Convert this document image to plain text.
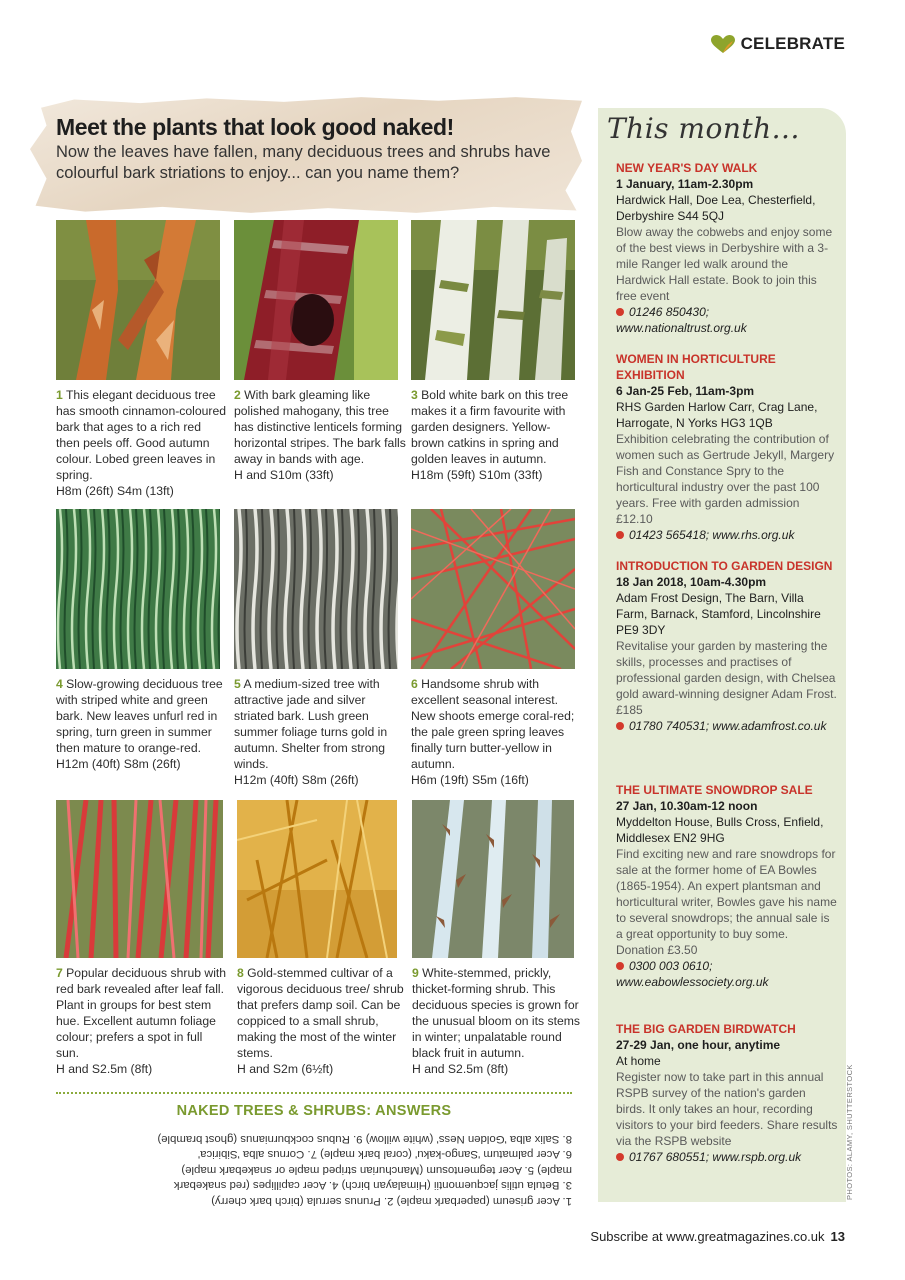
CELEBRATE
Meet the plants that look good naked!
Now the leaves have fallen, many deciduous trees and shrubs have colourful bark striations to enjoy... can you name them?
1 This elegant deciduous tree has smooth cinnamon-coloured bark that ages to a rich red then peels off. Good autumn colour. Lobed green leaves in spring.
H8m (26ft) S4m (13ft)
2 With bark gleaming like polished mahogany, this tree has distinctive lenticels forming horizontal stripes. The bark falls away in bands with age.
H and S10m (33ft)
3 Bold white bark on this tree makes it a firm favourite with garden designers. Yellow-brown catkins in spring and golden leaves in autumn.
H18m (59ft) S10m (33ft)
4 Slow-growing deciduous tree with striped white and green bark. New leaves unfurl red in spring, turn green in summer then mature to orange-red.
H12m (40ft) S8m (26ft)
5 A medium-sized tree with attractive jade and silver striated bark. Lush green summer foliage turns gold in autumn. Shelter from strong winds.
H12m (40ft) S8m (26ft)
6 Handsome shrub with excellent seasonal interest. New shoots emerge coral-red; the pale green spring leaves finally turn butter-yellow in autumn.
H6m (19ft) S5m (16ft)
7 Popular deciduous shrub with red bark revealed after leaf fall. Plant in groups for best stem hue. Excellent autumn foliage colour; prefers a spot in full sun.
H and S2.5m (8ft)
8 Gold-stemmed cultivar of a vigorous deciduous tree/ shrub that prefers damp soil. Can be coppiced to a small shrub, making the most of the winter stems.
H and S2m (6½ft)
9 White-stemmed, prickly, thicket-forming shrub. This deciduous species is grown for the unusual bloom on its stems in winter; unpalatable round black fruit in autumn.
H and S2.5m (8ft)
NAKED TREES & SHRUBS: ANSWERS

1. Acer griseum (paperbark maple) 2. Prunus serrula (birch bark cherry)

3. Betula utilis jacquemontii (Himalayan birch) 4. Acer capillipes (red snakebark

maple) 5. Acer tegmentosum (Manchurian striped maple or snakebark maple)

6. Acer palmatum 'Sango-kaku' (coral bark maple) 7. Cornus alba 'Sibirica'

8. Salix alba 'Golden Ness' (white willow) 9. Rubus cockburnianus (ghost bramble)

This month...
NEW YEAR'S DAY WALK
1 January, 11am-2.30pm
Hardwick Hall, Doe Lea, Chesterfield, Derbyshire S44 5QJ
Blow away the cobwebs and enjoy some of the best views in Derbyshire with a 3-mile Ranger led walk around the Hardwick Hall estate. Book to join this free event
01246 850430; www.nationaltrust.org.uk
WOMEN IN HORTICULTURE EXHIBITION
6 Jan-25 Feb, 11am-3pm
RHS Garden Harlow Carr, Crag Lane, Harrogate, N Yorks HG3 1QB
Exhibition celebrating the contribution of women such as Gertrude Jekyll, Margery Fish and Constance Spry to the horticultural industry over the past 100 years. Free with garden admission £12.10
01423 565418; www.rhs.org.uk
INTRODUCTION TO GARDEN DESIGN
18 Jan 2018, 10am-4.30pm
Adam Frost Design, The Barn, Villa Farm, Barnack, Stamford, Lincolnshire PE9 3DY
Revitalise your garden by mastering the skills, processes and practises of professional garden design, with Chelsea gold award-winning designer Adam Frost. £185
01780 740531; www.adamfrost.co.uk
THE ULTIMATE SNOWDROP SALE
27 Jan, 10.30am-12 noon
Myddelton House, Bulls Cross, Enfield, Middlesex EN2 9HG
Find exciting new and rare snowdrops for sale at the former home of EA Bowles (1865-1954). An expert plantsman and horticultural writer, Bowles gave his name to several snowdrops; the annual sale is a great opportunity to buy some. Donation £3.50
0300 003 0610; www.eabowlessociety.org.uk
THE BIG GARDEN BIRDWATCH
27-29 Jan, one hour, anytime
At home
Register now to take part in this annual RSPB survey of the nation's garden birds. It only takes an hour, recording visitors to your bird feeders. Share results via the RSPB website
01767 680551; www.rspb.org.uk	PHOTOS: ALAMY, SHUTTERSTOCK
Subscribe at www.greatmagazines.co.uk 13
